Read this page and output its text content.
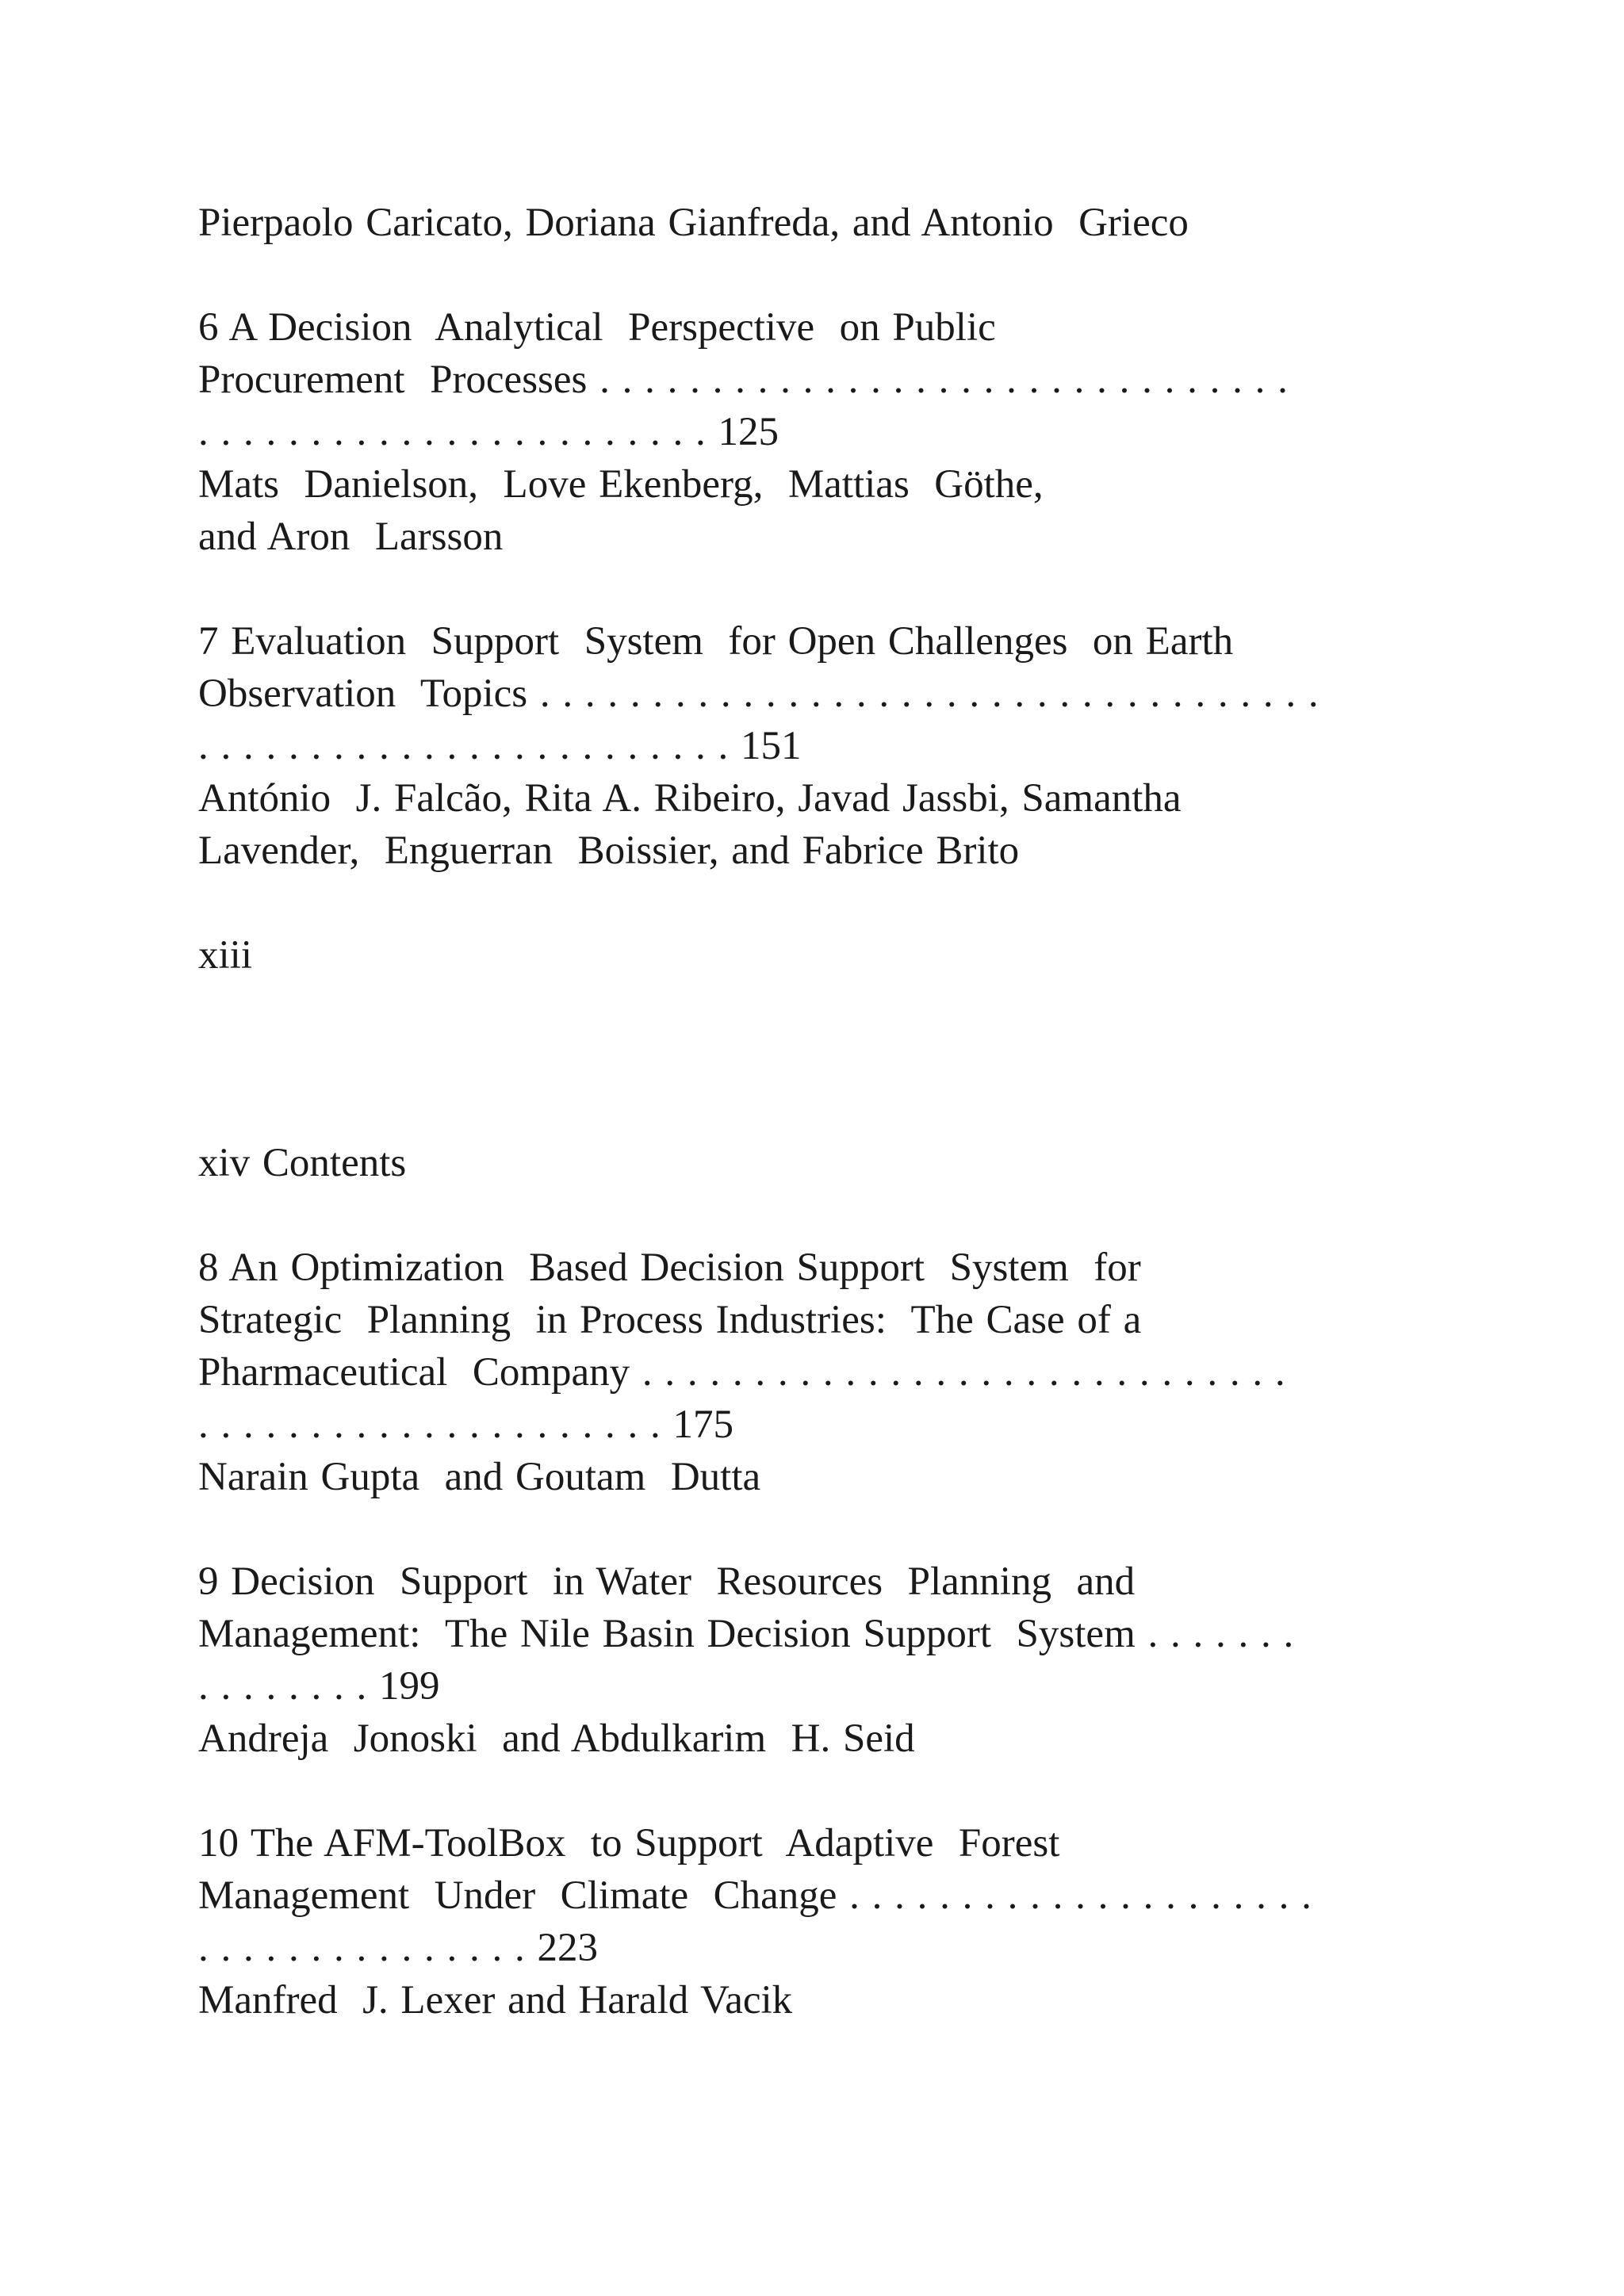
Pierpaolo Caricato, Doriana Gianfreda, and Antonio  Grieco
6 A Decision  Analytical  Perspective  on Public
Procurement  Processes . . . . . . . . . . . . . . . . . . . . . . . . . . . . . . .
. . . . . . . . . . . . . . . . . . . . . . . 125
Mats  Danielson,  Love Ekenberg,  Mattias  Göthe,
and Aron  Larsson
7 Evaluation  Support  System  for Open Challenges  on Earth
Observation  Topics . . . . . . . . . . . . . . . . . . . . . . . . . . . . . . . . . . .
. . . . . . . . . . . . . . . . . . . . . . . . 151
António  J. Falcão, Rita A. Ribeiro, Javad Jassbi, Samantha
Lavender,  Enguerran  Boissier, and Fabrice Brito
xiii
xiv Contents
8 An Optimization  Based Decision Support  System  for
Strategic  Planning  in Process Industries:  The Case of a
Pharmaceutical  Company . . . . . . . . . . . . . . . . . . . . . . . . . . . . .
. . . . . . . . . . . . . . . . . . . . . 175
Narain Gupta  and Goutam  Dutta
9 Decision  Support  in Water  Resources  Planning  and
Management:  The Nile Basin Decision Support  System . . . . . . .
. . . . . . . . 199
Andreja  Jonoski  and Abdulkarim  H. Seid
10 The AFM-ToolBox  to Support  Adaptive  Forest
Management  Under  Climate  Change . . . . . . . . . . . . . . . . . . . . .
. . . . . . . . . . . . . . . 223
Manfred  J. Lexer and Harald Vacik
